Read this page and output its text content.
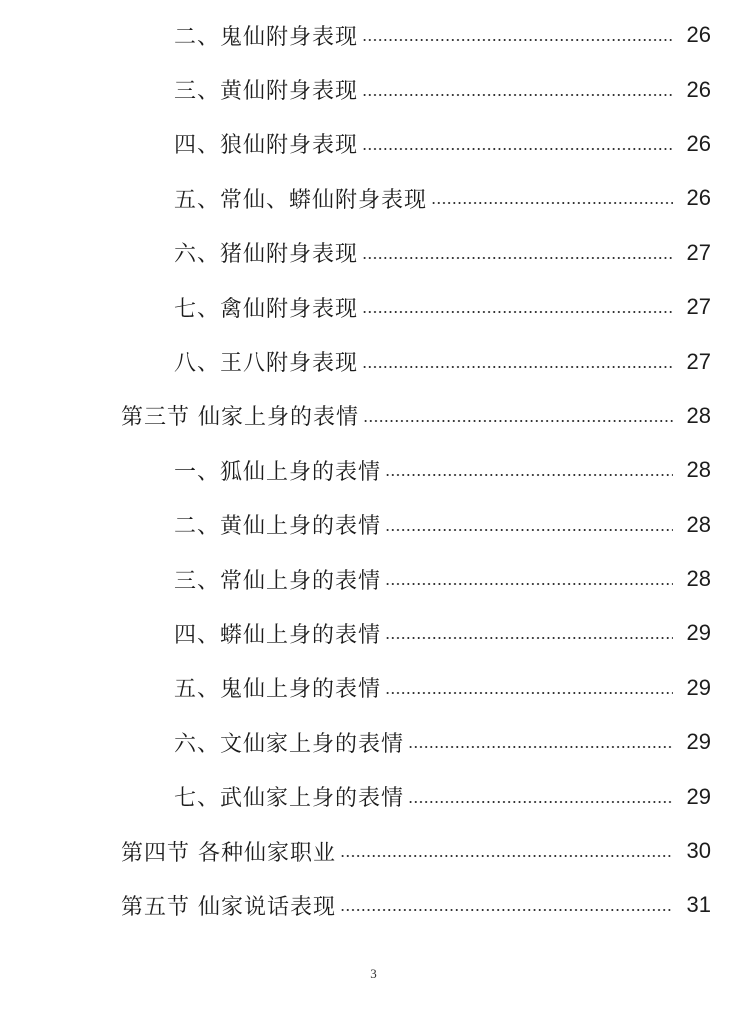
二、鬼仙附身表现	26
三、黄仙附身表现	26
四、狼仙附身表现	26
五、常仙、蟒仙附身表现	26
六、猪仙附身表现	27
七、禽仙附身表现	27
八、王八附身表现	27
第三节 仙家上身的表情	28
一、狐仙上身的表情	28
二、黄仙上身的表情	28
三、常仙上身的表情	28
四、蟒仙上身的表情	29
五、鬼仙上身的表情	29
六、文仙家上身的表情	29
七、武仙家上身的表情	29
第四节 各种仙家职业	30
第五节 仙家说话表现	31
3
